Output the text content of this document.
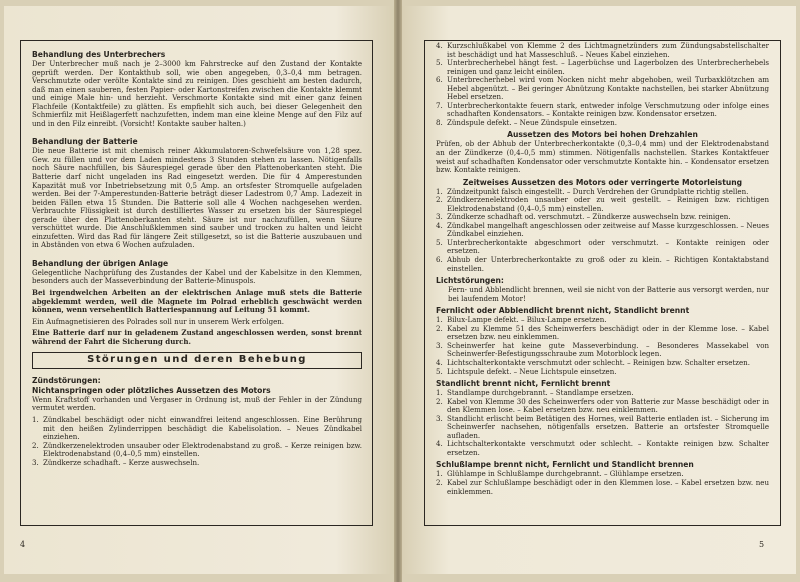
Behandlung des Unterbrechers

Der Unterbrecher muß nach je 2–3000 km Fahrstrecke auf den Zustand der Kontakte geprüft werden. Der Kontakthub soll, wie oben angegeben, 0,3–0,4 mm betragen. Verschmutzte oder verölte Kontakte sind zu reinigen. Dies geschieht am besten dadurch, daß man einen sauberen, festen Papier- oder Kartonstreifen zwischen die Kontakte klemmt und einige Male hin- und herzieht. Verschmorte Kontakte sind mit einer ganz feinen Flachfeile (Kontaktfeile) zu glätten. Es empfiehlt sich auch, bei dieser Gelegenheit den Schmierfilz mit Heißlagerfett nachzufetten, indem man eine kleine Menge auf den Filz auf und in den Filz einreibt. (Vorsicht! Kontakte sauber halten.)

Behandlung der Batterie

Die neue Batterie ist mit chemisch reiner Akkumulatoren-Schwefelsäure von 1,28 spez. Gew. zu füllen und vor dem Laden mindestens 3 Stunden stehen zu lassen. Nötigenfalls noch Säure nachfüllen, bis Säurespiegel gerade über den Plattenoberkanten steht. Die Batterie darf nicht ungeladen ins Rad eingesetzt werden. Die für 4 Amperestunden Kapazität muß vor Inbetriebsetzung mit 0,5 Amp. an ortsfester Stromquelle aufgeladen werden. Bei der 7-Amperestunden-Batterie beträgt dieser Ladestrom 0,7 Amp. Ladezeit in beiden Fällen etwa 15 Stunden. Die Batterie soll alle 4 Wochen nachgesehen werden. Verbrauchte Flüssigkeit ist durch destilliertes Wasser zu ersetzen bis der Säurespiegel gerade über den Plattenoberkanten steht. Säure ist nur nachzufüllen, wenn Säure verschüttet wurde. Die Anschlußklemmen sind sauber und trocken zu halten und leicht einzufetten. Wird das Rad für längere Zeit stillgesetzt, so ist die Batterie auszubauen und in Abständen von etwa 6 Wochen aufzuladen.

Behandlung der übrigen Anlage

Gelegentliche Nachprüfung des Zustandes der Kabel und der Kabelsitze in den Klemmen, besonders auch der Masseverbindung der Batterie-Minuspols.

Bei irgendwelchen Arbeiten an der elektrischen Anlage muß stets die Batterie abgeklemmt werden, weil die Magnete im Polrad erheblich geschwächt werden können, wenn versehentlich Batteriespannung auf Leitung 51 kommt.

Ein Aufmagnetisieren des Polrades soll nur in unserem Werk erfolgen.

Eine Batterie darf nur in geladenem Zustand angeschlossen werden, sonst brennt während der Fahrt die Sicherung durch.

Störungen und deren Behebung
Zündstörungen:
Nichtanspringen oder plötzliches Aussetzen des Motors

Wenn Kraftstoff vorhanden und Vergaser in Ordnung ist, muß der Fehler in der Zündung vermutet werden.

1. Zündkabel beschädigt oder nicht einwandfrei leitend angeschlossen. Eine Berührung mit den heißen Zylinderrippen beschädigt die Kabelisolation. – Neues Zündkabel einziehen.
2. Zündkerzenelektroden unsauber oder Elektrodenabstand zu groß. – Kerze reinigen bzw. Elektrodenabstand (0,4–0,5 mm) einstellen.
3. Zündkerze schadhaft. – Kerze auswechseln.
4
4. Kurzschlußkabel von Klemme 2 des Lichtmagnetzünders zum Zündungsabstellschalter ist beschädigt und hat Masseschluß. – Neues Kabel einziehen.
5. Unterbrecherhebel hängt fest. – Lagerbüchse und Lagerbolzen des Unterbrecherhebels reinigen und ganz leicht einölen.
6. Unterbrecherhebel wird vom Nocken nicht mehr abgehoben, weil Turbaxklötzchen am Hebel abgenützt. – Bei geringer Abnützung Kontakte nachstellen, bei starker Abnützung Hebel ersetzen.
7. Unterbrecherkontakte feuern stark, entweder infolge Verschmutzung oder infolge eines schadhaften Kondensators. – Kontakte reinigen bzw. Kondensator ersetzen.
8. Zündspule defekt. – Neue Zündspule einsetzen.
Aussetzen des Motors bei hohen Drehzahlen

Prüfen, ob der Abhub der Unterbrecherkontakte (0,3–0,4 mm) und der Elektrodenabstand an der Zündkerze (0,4–0,5 mm) stimmen. Nötigenfalls nachstellen. Starkes Kontaktfeuer weist auf schadhaften Kondensator oder verschmutzte Kontakte hin. – Kondensator ersetzen bzw. Kontakte reinigen.

Zeitweises Aussetzen des Motors oder verringerte Motorleistung
1. Zündzeitpunkt falsch eingestellt. – Durch Verdrehen der Grundplatte richtig stellen.
2. Zündkerzenelektroden unsauber oder zu weit gestellt. – Reinigen bzw. richtigen Elektrodenabstand (0,4–0,5 mm) einstellen.
3. Zündkerze schadhaft od. verschmutzt. – Zündkerze auswechseln bzw. reinigen.
4. Zündkabel mangelhaft angeschlossen oder zeitweise auf Masse kurzgeschlossen. – Neues Zündkabel einziehen.
5. Unterbrecherkontakte abgeschmort oder verschmutzt. – Kontakte reinigen oder ersetzen.
6. Abhub der Unterbrecherkontakte zu groß oder zu klein. – Richtigen Kontaktabstand einstellen.
Lichtstörungen:

Fern- und Abblendlicht brennen, weil sie nicht von der Batterie aus versorgt werden, nur bei laufendem Motor!

Fernlicht oder Abblendlicht brennt nicht, Standlicht brennt
1. Bilux-Lampe defekt. – Bilux-Lampe ersetzen.
2. Kabel zu Klemme 51 des Scheinwerfers beschädigt oder in der Klemme lose. – Kabel ersetzen bzw. neu einklemmen.
3. Scheinwerfer hat keine gute Masseverbindung. – Besonderes Massekabel von Scheinwerfer-Befestigungsschraube zum Motorblock legen.
4. Lichtschalterkontakte verschmutzt oder schlecht. – Reinigen bzw. Schalter ersetzen.
5. Lichtspule defekt. – Neue Lichtspule einsetzen.
Standlicht brennt nicht, Fernlicht brennt
1. Standlampe durchgebrannt. – Standlampe ersetzen.
2. Kabel von Klemme 30 des Scheinwerfers oder von Batterie zur Masse beschädigt oder in den Klemmen lose. – Kabel ersetzen bzw. neu einklemmen.
3. Standlicht erlischt beim Betätigen des Hornes, weil Batterie entladen ist. – Sicherung im Scheinwerfer nachsehen, nötigenfalls ersetzen. Batterie an ortsfester Stromquelle aufladen.
4. Lichtschalterkontakte verschmutzt oder schlecht. – Kontakte reinigen bzw. Schalter ersetzen.
Schlußlampe brennt nicht, Fernlicht und Standlicht brennen
1. Glühlampe in Schlußlampe durchgebrannt. – Glühlampe ersetzen.
2. Kabel zur Schlußlampe beschädigt oder in den Klemmen lose. – Kabel ersetzen bzw. neu einklemmen.
5
